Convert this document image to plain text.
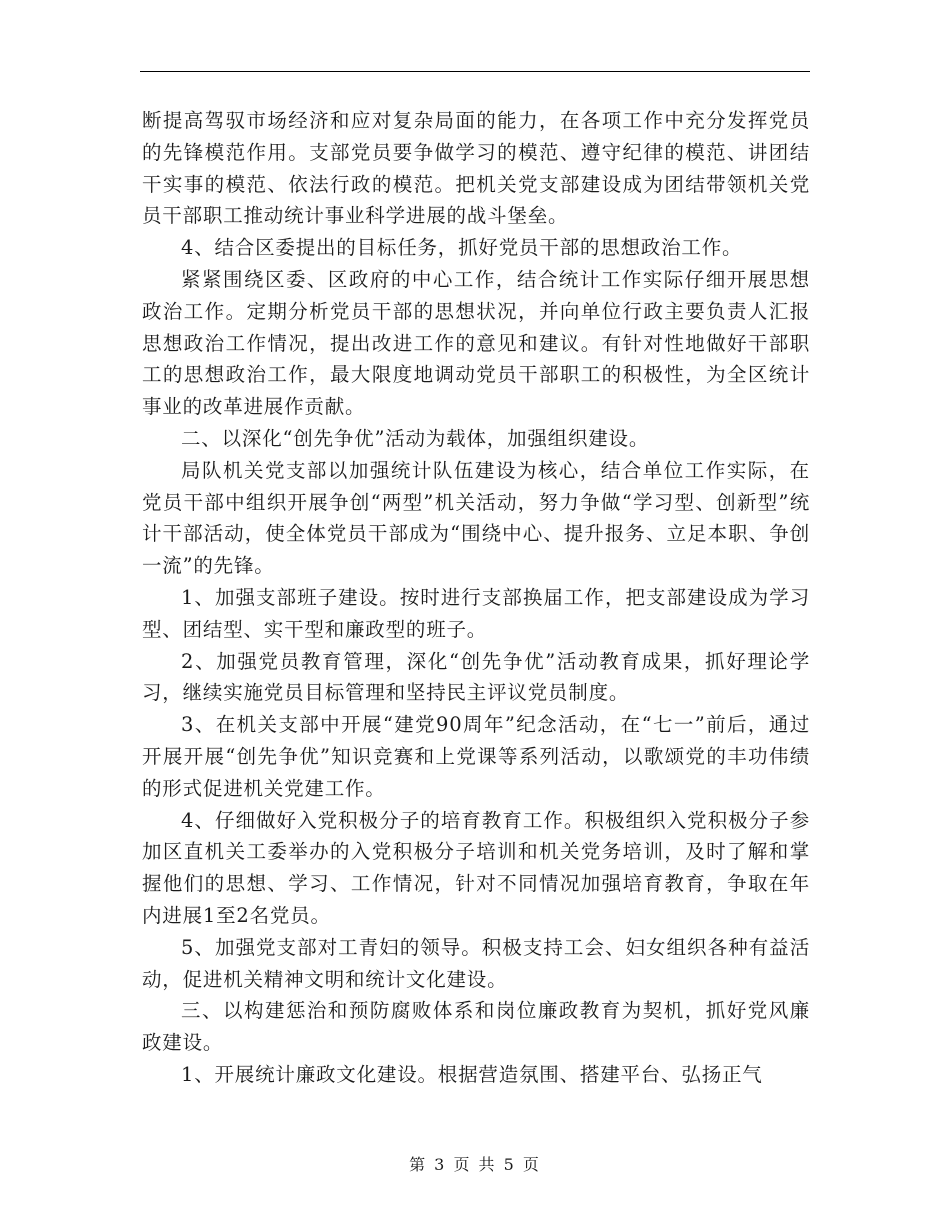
断提高驾驭市场经济和应对复杂局面的能力，在各项工作中充分发挥党员的先锋模范作用。支部党员要争做学习的模范、遵守纪律的模范、讲团结干实事的模范、依法行政的模范。把机关党支部建设成为团结带领机关党员干部职工推动统计事业科学进展的战斗堡垒。

4、结合区委提出的目标任务，抓好党员干部的思想政治工作。

紧紧围绕区委、区政府的中心工作，结合统计工作实际仔细开展思想政治工作。定期分析党员干部的思想状况，并向单位行政主要负责人汇报思想政治工作情况，提出改进工作的意见和建议。有针对性地做好干部职工的思想政治工作，最大限度地调动党员干部职工的积极性，为全区统计事业的改革进展作贡献。

二、以深化“创先争优”活动为载体，加强组织建设。

局队机关党支部以加强统计队伍建设为核心，结合单位工作实际，在党员干部中组织开展争创“两型”机关活动，努力争做“学习型、创新型”统计干部活动，使全体党员干部成为“围绕中心、提升报务、立足本职、争创一流”的先锋。

1、加强支部班子建设。按时进行支部换届工作，把支部建设成为学习型、团结型、实干型和廉政型的班子。

2、加强党员教育管理，深化“创先争优”活动教育成果，抓好理论学习，继续实施党员目标管理和坚持民主评议党员制度。

3、在机关支部中开展“建党90周年”纪念活动，在“七一”前后，通过开展开展“创先争优”知识竞赛和上党课等系列活动，以歌颂党的丰功伟绩的形式促进机关党建工作。

4、仔细做好入党积极分子的培育教育工作。积极组织入党积极分子参加区直机关工委举办的入党积极分子培训和机关党务培训，及时了解和掌握他们的思想、学习、工作情况，针对不同情况加强培育教育，争取在年内进展1至2名党员。

5、加强党支部对工青妇的领导。积极支持工会、妇女组织各种有益活动，促进机关精神文明和统计文化建设。

三、以构建惩治和预防腐败体系和岗位廉政教育为契机，抓好党风廉政建设。

1、开展统计廉政文化建设。根据营造氛围、搭建平台、弘扬正气

第 3 页 共 5 页
